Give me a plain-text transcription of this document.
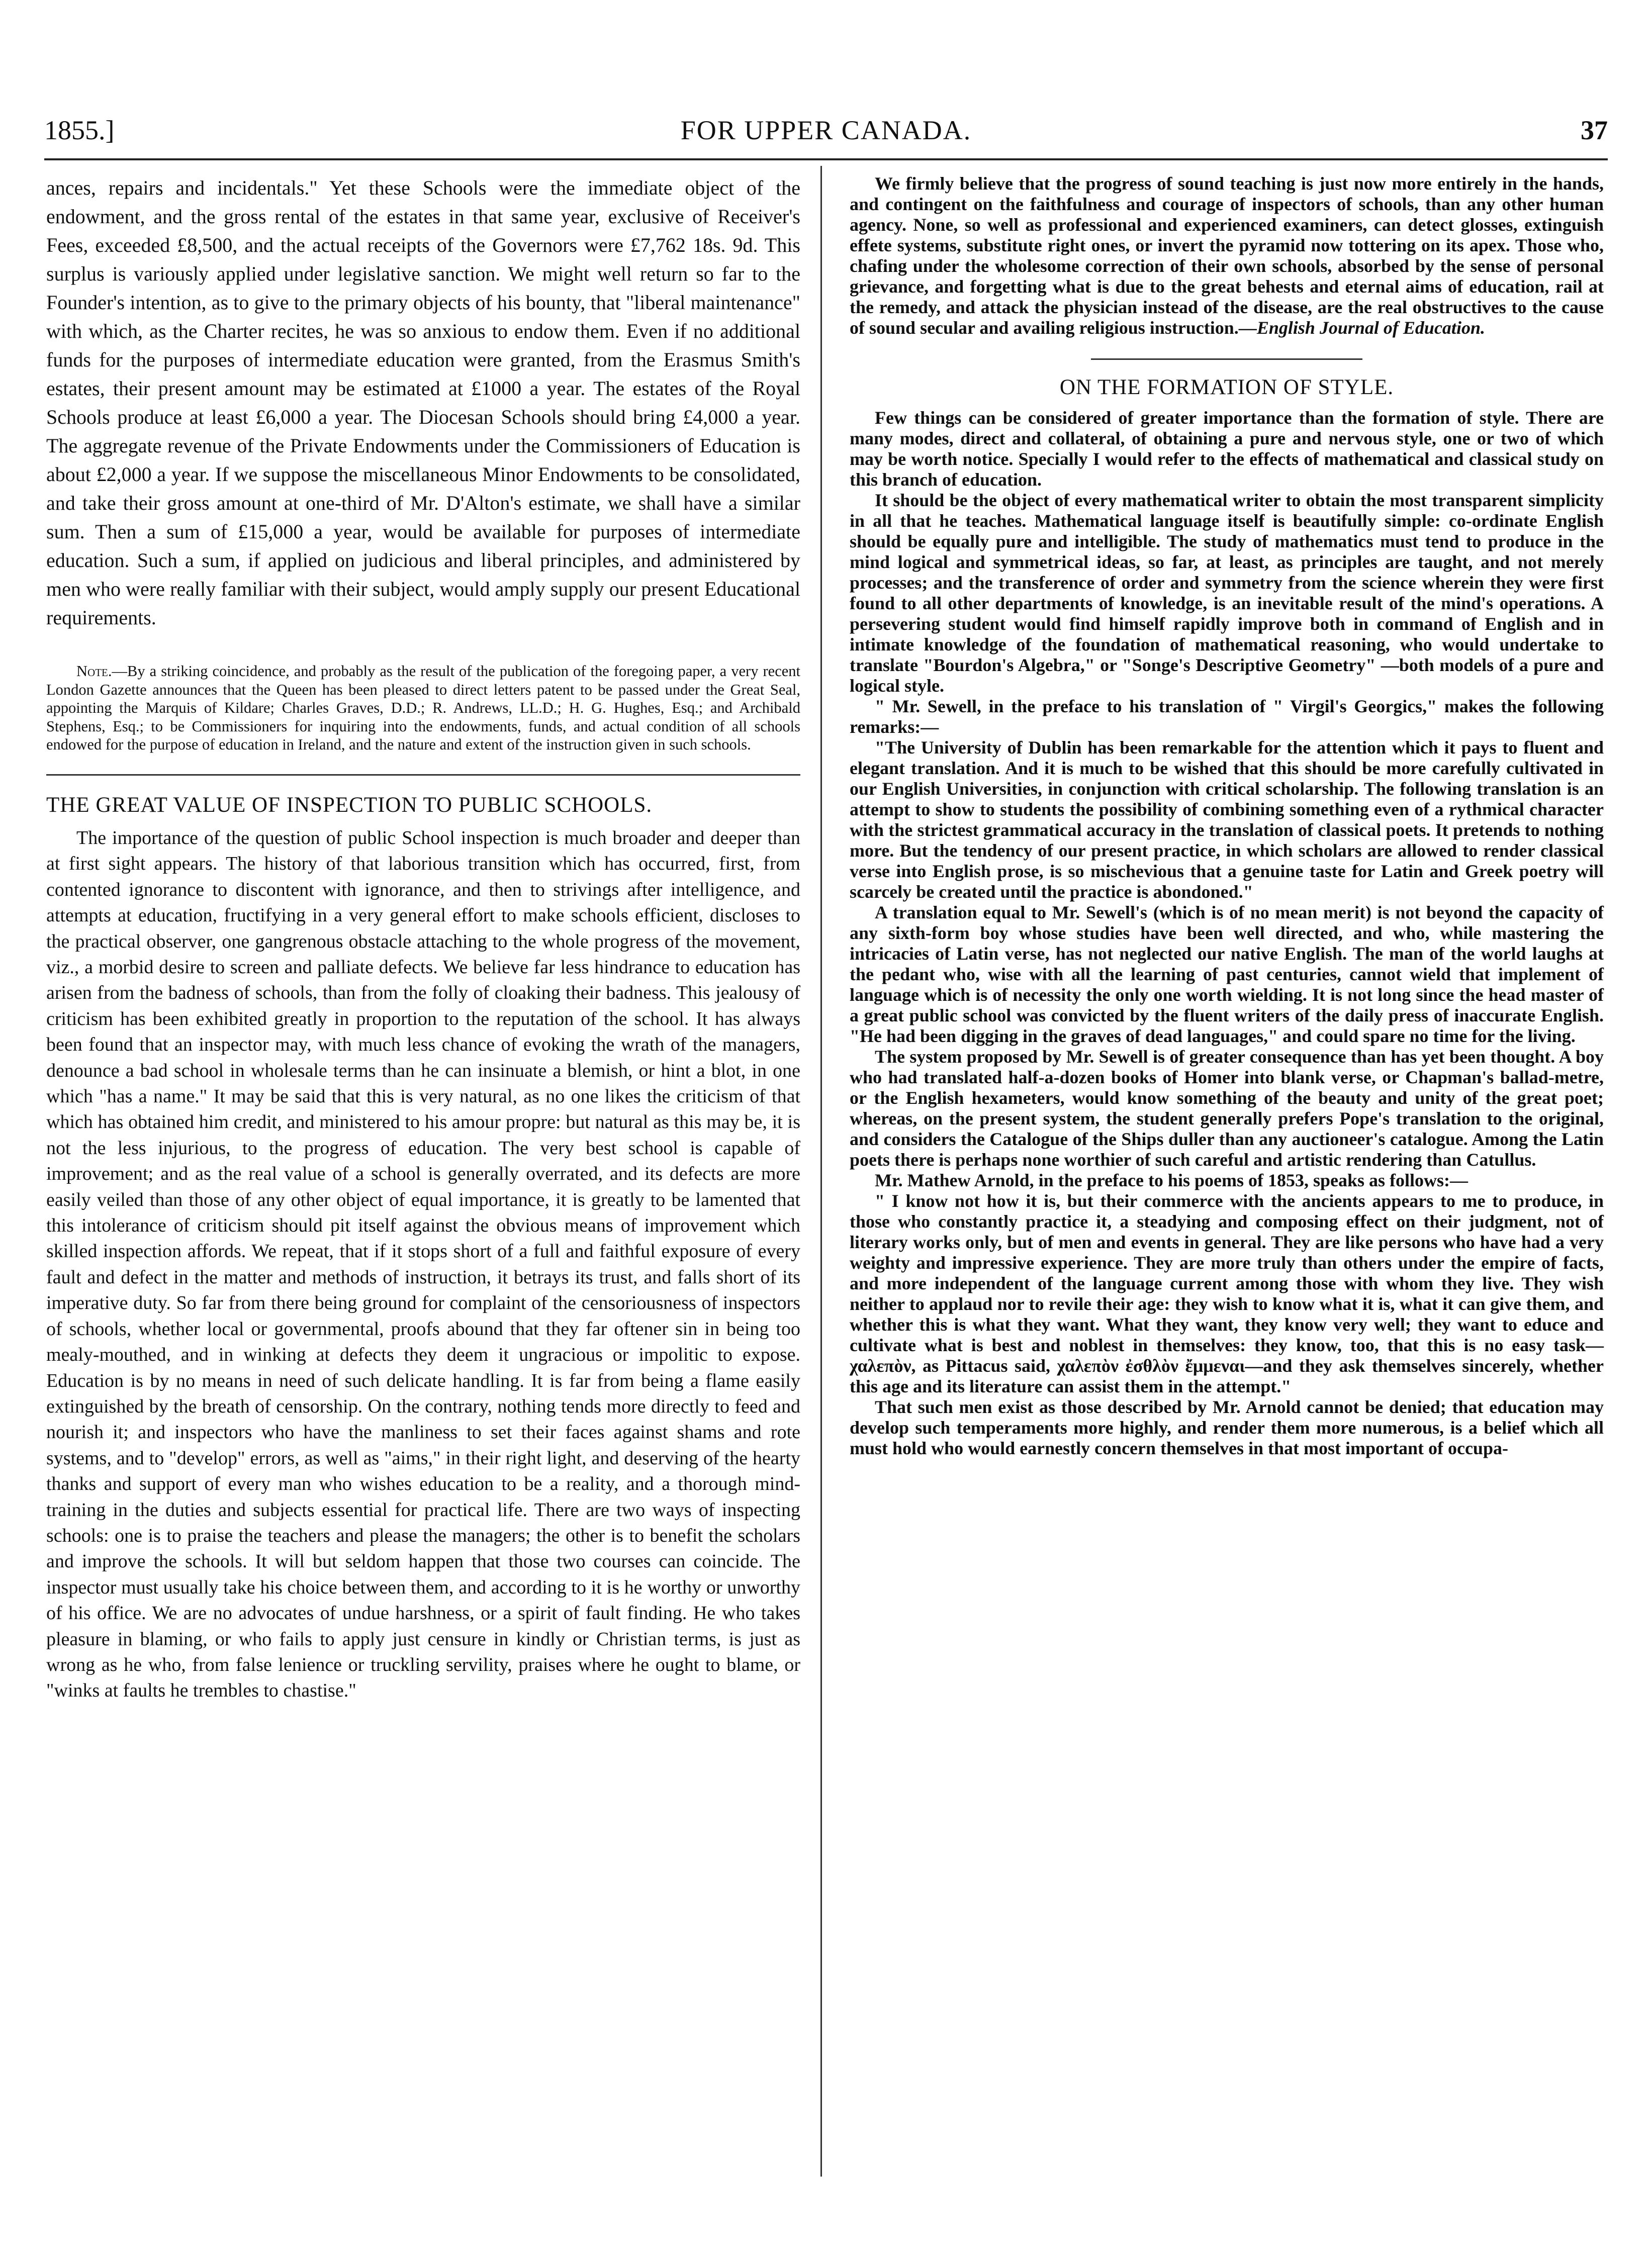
1855.]	FOR UPPER CANADA.	37

ances, repairs and incidentals." Yet these Schools were the immediate object of the endowment, and the gross rental of the estates in that same year, exclusive of Receiver's Fees, exceeded £8,500, and the actual receipts of the Governors were £7,762 18s. 9d. This surplus is variously applied under legislative sanction. We might well return so far to the Founder's intention, as to give to the primary objects of his bounty, that "liberal maintenance" with which, as the Charter recites, he was so anxious to endow them. Even if no additional funds for the purposes of intermediate education were granted, from the Erasmus Smith's estates, their present amount may be estimated at £1000 a year. The estates of the Royal Schools produce at least £6,000 a year. The Diocesan Schools should bring £4,000 a year. The aggregate revenue of the Private Endowments under the Commissioners of Education is about £2,000 a year. If we suppose the miscellaneous Minor Endowments to be consolidated, and take their gross amount at one-third of Mr. D'Alton's estimate, we shall have a similar sum. Then a sum of £15,000 a year, would be available for purposes of intermediate education. Such a sum, if applied on judicious and liberal principles, and administered by men who were really familiar with their subject, would amply supply our present Educational requirements.

Note.—By a striking coincidence, and probably as the result of the publication of the foregoing paper, a very recent London Gazette announces that the Queen has been pleased to direct letters patent to be passed under the Great Seal, appointing the Marquis of Kildare; Charles Graves, D.D.; R. Andrews, LL.D.; H. G. Hughes, Esq.; and Archibald Stephens, Esq.; to be Commissioners for inquiring into the endowments, funds, and actual condition of all schools endowed for the purpose of education in Ireland, and the nature and extent of the instruction given in such schools.

THE GREAT VALUE OF INSPECTION TO PUBLIC SCHOOLS.

The importance of the question of public School inspection is much broader and deeper than at first sight appears. The history of that laborious transition which has occurred, first, from contented ignorance to discontent with ignorance, and then to strivings after intelligence, and attempts at education, fructifying in a very general effort to make schools efficient, discloses to the practical observer, one gangrenous obstacle attaching to the whole progress of the movement, viz., a morbid desire to screen and palliate defects. We believe far less hindrance to education has arisen from the badness of schools, than from the folly of cloaking their badness. This jealousy of criticism has been exhibited greatly in proportion to the reputation of the school. It has always been found that an inspector may, with much less chance of evoking the wrath of the managers, denounce a bad school in wholesale terms than he can insinuate a blemish, or hint a blot, in one which "has a name." It may be said that this is very natural, as no one likes the criticism of that which has obtained him credit, and ministered to his amour propre: but natural as this may be, it is not the less injurious, to the progress of education. The very best school is capable of improvement; and as the real value of a school is generally overrated, and its defects are more easily veiled than those of any other object of equal importance, it is greatly to be lamented that this intolerance of criticism should pit itself against the obvious means of improvement which skilled inspection affords. We repeat, that if it stops short of a full and faithful exposure of every fault and defect in the matter and methods of instruction, it betrays its trust, and falls short of its imperative duty. So far from there being ground for complaint of the censoriousness of inspectors of schools, whether local or governmental, proofs abound that they far oftener sin in being too mealy-mouthed, and in winking at defects they deem it ungracious or impolitic to expose. Education is by no means in need of such delicate handling. It is far from being a flame easily extinguished by the breath of censorship. On the contrary, nothing tends more directly to feed and nourish it; and inspectors who have the manliness to set their faces against shams and rote systems, and to "develop" errors, as well as "aims," in their right light, and deserving of the hearty thanks and support of every man who wishes education to be a reality, and a thorough mind-training in the duties and subjects essential for practical life. There are two ways of inspecting schools: one is to praise the teachers and please the managers; the other is to benefit the scholars and improve the schools. It will but seldom happen that those two courses can coincide. The inspector must usually take his choice between them, and according to it is he worthy or unworthy of his office. We are no advocates of undue harshness, or a spirit of fault finding. He who takes pleasure in blaming, or who fails to apply just censure in kindly or Christian terms, is just as wrong as he who, from false lenience or truckling servility, praises where he ought to blame, or "winks at faults he trembles to chastise."

We firmly believe that the progress of sound teaching is just now more entirely in the hands, and contingent on the faithfulness and courage of inspectors of schools, than any other human agency. None, so well as professional and experienced examiners, can detect glosses, extinguish effete systems, substitute right ones, or invert the pyramid now tottering on its apex. Those who, chafing under the wholesome correction of their own schools, absorbed by the sense of personal grievance, and forgetting what is due to the great behests and eternal aims of education, rail at the remedy, and attack the physician instead of the disease, are the real obstructives to the cause of sound secular and availing religious instruction.—English Journal of Education.

ON THE FORMATION OF STYLE.

Few things can be considered of greater importance than the formation of style. There are many modes, direct and collateral, of obtaining a pure and nervous style, one or two of which may be worth notice. Specially I would refer to the effects of mathematical and classical study on this branch of education.

It should be the object of every mathematical writer to obtain the most transparent simplicity in all that he teaches. Mathematical language itself is beautifully simple: co-ordinate English should be equally pure and intelligible. The study of mathematics must tend to produce in the mind logical and symmetrical ideas, so far, at least, as principles are taught, and not merely processes; and the transference of order and symmetry from the science wherein they were first found to all other departments of knowledge, is an inevitable result of the mind's operations. A persevering student would find himself rapidly improve both in command of English and in intimate knowledge of the foundation of mathematical reasoning, who would undertake to translate "Bourdon's Algebra," or "Songe's Descriptive Geometry" —both models of a pure and logical style.

" Mr. Sewell, in the preface to his translation of " Virgil's Georgics," makes the following remarks:—

"The University of Dublin has been remarkable for the attention which it pays to fluent and elegant translation. And it is much to be wished that this should be more carefully cultivated in our English Universities, in conjunction with critical scholarship. The following translation is an attempt to show to students the possibility of combining something even of a rythmical character with the strictest grammatical accuracy in the translation of classical poets. It pretends to nothing more. But the tendency of our present practice, in which scholars are allowed to render classical verse into English prose, is so mischevious that a genuine taste for Latin and Greek poetry will scarcely be created until the practice is abondoned."

A translation equal to Mr. Sewell's (which is of no mean merit) is not beyond the capacity of any sixth-form boy whose studies have been well directed, and who, while mastering the intricacies of Latin verse, has not neglected our native English. The man of the world laughs at the pedant who, wise with all the learning of past centuries, cannot wield that implement of language which is of necessity the only one worth wielding. It is not long since the head master of a great public school was convicted by the fluent writers of the daily press of inaccurate English. "He had been digging in the graves of dead languages," and could spare no time for the living.

The system proposed by Mr. Sewell is of greater consequence than has yet been thought. A boy who had translated half-a-dozen books of Homer into blank verse, or Chapman's ballad-metre, or the English hexameters, would know something of the beauty and unity of the great poet; whereas, on the present system, the student generally prefers Pope's translation to the original, and considers the Catalogue of the Ships duller than any auctioneer's catalogue. Among the Latin poets there is perhaps none worthier of such careful and artistic rendering than Catullus.

Mr. Mathew Arnold, in the preface to his poems of 1853, speaks as follows:—

" I know not how it is, but their commerce with the ancients appears to me to produce, in those who constantly practice it, a steadying and composing effect on their judgment, not of literary works only, but of men and events in general. They are like persons who have had a very weighty and impressive experience. They are more truly than others under the empire of facts, and more independent of the language current among those with whom they live. They wish neither to applaud nor to revile their age: they wish to know what it is, what it can give them, and whether this is what they want. What they want, they know very well; they want to educe and cultivate what is best and noblest in themselves: they know, too, that this is no easy task— χαλεπὸν, as Pittacus said, χαλεπὸν ἐσθλὸν ἔμμεναι—and they ask themselves sincerely, whether this age and its literature can assist them in the attempt."

That such men exist as those described by Mr. Arnold cannot be denied; that education may develop such temperaments more highly, and render them more numerous, is a belief which all must hold who would earnestly concern themselves in that most important of occupa-
